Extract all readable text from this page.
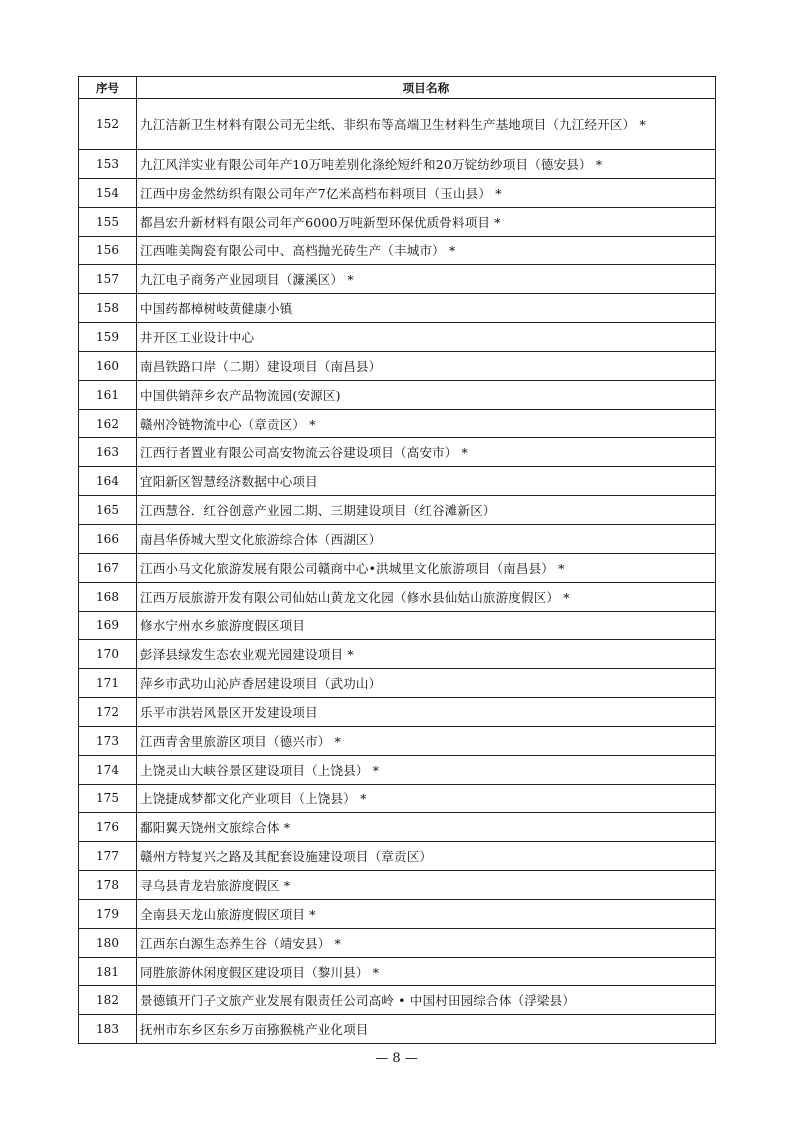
序号	项目名称
152	九江洁新卫生材料有限公司无尘纸、非织布等高端卫生材料生产基地项目（九江经开区） *
153	九江风洋实业有限公司年产10万吨差别化涤纶短纤和20万锭纺纱项目（德安县） *
154	江西中房金然纺织有限公司年产7亿米高档布料项目（玉山县） *
155	都昌宏升新材料有限公司年产6000万吨新型环保优质骨料项目 *
156	江西唯美陶瓷有限公司中、高档抛光砖生产（丰城市） *
157	九江电子商务产业园项目（濂溪区） *
158	中国药都樟树岐黄健康小镇
159	井开区工业设计中心
160	南昌铁路口岸（二期）建设项目（南昌县）
161	中国供销萍乡农产品物流园(安源区)
162	赣州冷链物流中心（章贡区） *
163	江西行者置业有限公司高安物流云谷建设项目（高安市） *
164	宜阳新区智慧经济数据中心项目
165	江西慧谷．红谷创意产业园二期、三期建设项目（红谷滩新区）
166	南昌华侨城大型文化旅游综合体（西湖区）
167	江西小马文化旅游发展有限公司赣商中心•洪城里文化旅游项目（南昌县） *
168	江西万辰旅游开发有限公司仙姑山黄龙文化园（修水县仙姑山旅游度假区） *
169	修水宁州水乡旅游度假区项目
170	彭泽县绿发生态农业观光园建设项目 *
171	萍乡市武功山沁庐香居建设项目（武功山）
172	乐平市洪岩风景区开发建设项目
173	江西青舍里旅游区项目（德兴市） *
174	上饶灵山大峡谷景区建设项目（上饶县） *
175	上饶捷成梦都文化产业项目（上饶县） *
176	鄱阳翼天饶州文旅综合体 *
177	赣州方特复兴之路及其配套设施建设项目（章贡区）
178	寻乌县青龙岩旅游度假区 *
179	全南县天龙山旅游度假区项目 *
180	江西东白源生态养生谷（靖安县） *
181	同胜旅游休闲度假区建设项目（黎川县） *
182	景德镇开门子文旅产业发展有限责任公司高岭 • 中国村田园综合体（浮梁县）
183	抚州市东乡区东乡万亩猕猴桃产业化项目
— 8 —
